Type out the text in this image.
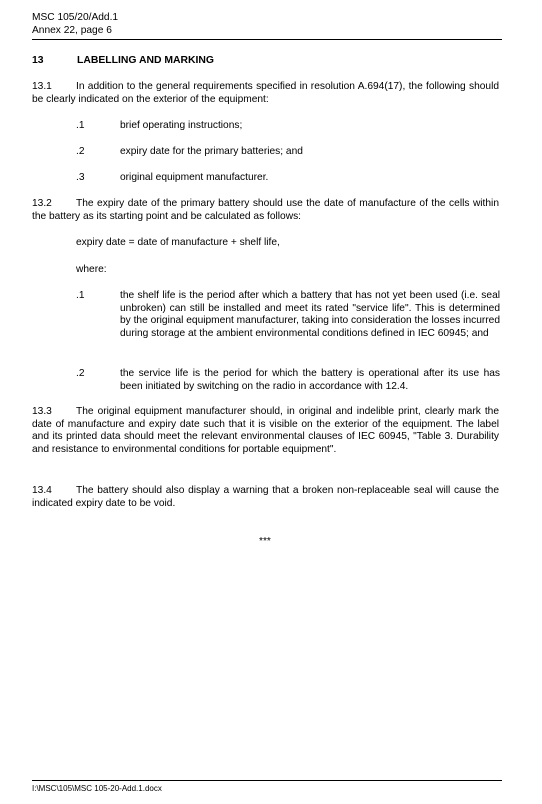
MSC 105/20/Add.1
Annex 22, page 6
13	LABELLING AND MARKING
13.1 In addition to the general requirements specified in resolution A.694(17), the following should be clearly indicated on the exterior of the equipment:
.1	brief operating instructions;
.2	expiry date for the primary batteries; and
.3	original equipment manufacturer.
13.2 The expiry date of the primary battery should use the date of manufacture of the cells within the battery as its starting point and be calculated as follows:
expiry date = date of manufacture + shelf life,
where:
.1	the shelf life is the period after which a battery that has not yet been used (i.e. seal unbroken) can still be installed and meet its rated "service life". This is determined by the original equipment manufacturer, taking into consideration the losses incurred during storage at the ambient environmental conditions defined in IEC 60945; and
.2	the service life is the period for which the battery is operational after its use has been initiated by switching on the radio in accordance with 12.4.
13.3 The original equipment manufacturer should, in original and indelible print, clearly mark the date of manufacture and expiry date such that it is visible on the exterior of the equipment. The label and its printed data should meet the relevant environmental clauses of IEC 60945, "Table 3. Durability and resistance to environmental conditions for portable equipment".
13.4 The battery should also display a warning that a broken non-replaceable seal will cause the indicated expiry date to be void.
***
I:\MSC\105\MSC 105-20-Add.1.docx
